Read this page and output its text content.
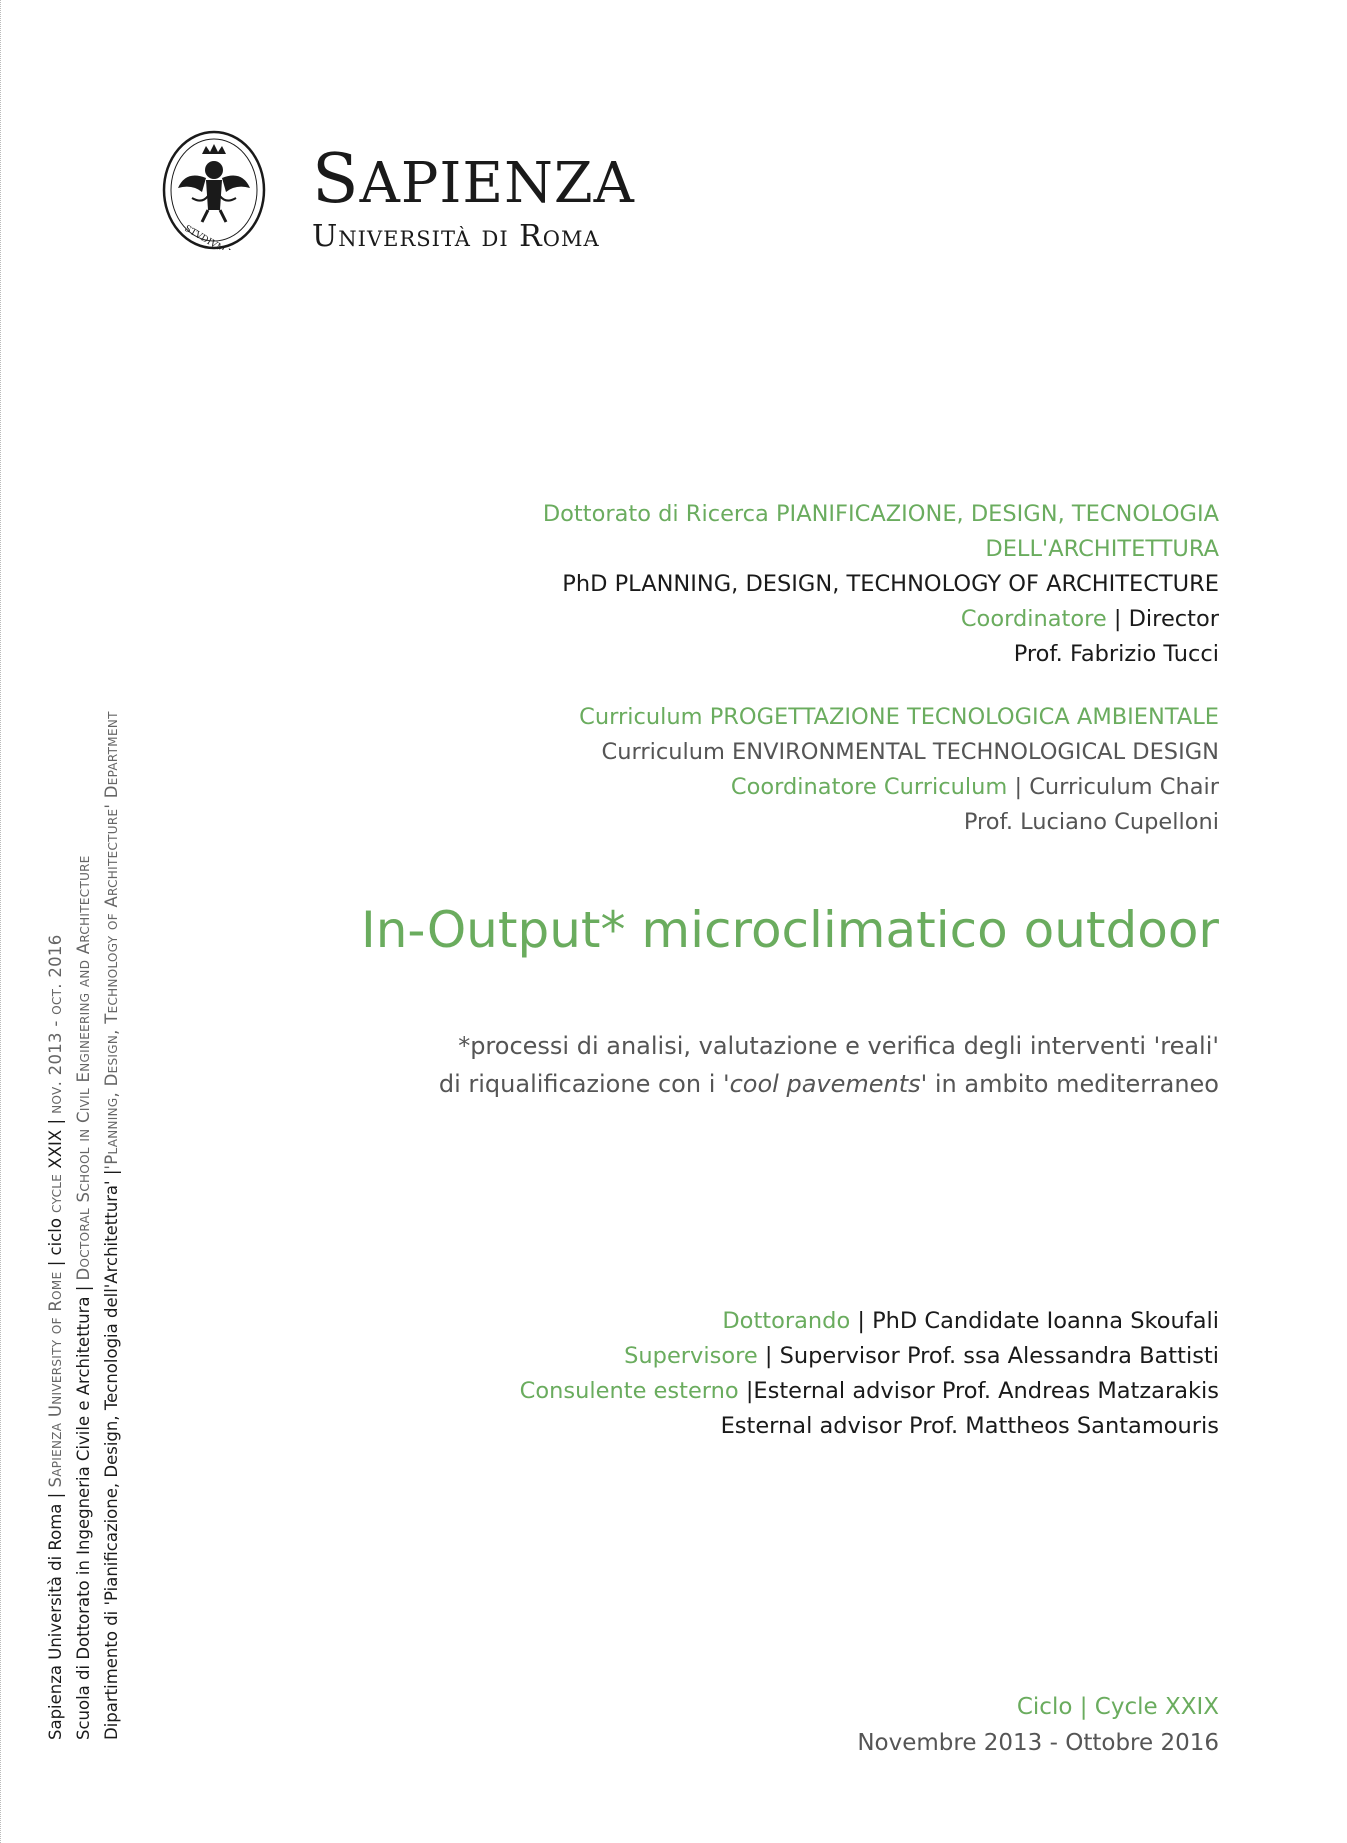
STVDIVM VRBIS
SAPIENZA
Università di Roma
Dottorato di Ricerca PIANIFICAZIONE, DESIGN, TECNOLOGIA
DELL'ARCHITETTURA
PhD PLANNING, DESIGN, TECHNOLOGY OF ARCHITECTURE
Coordinatore | Director
Prof. Fabrizio Tucci
Curriculum PROGETTAZIONE TECNOLOGICA AMBIENTALE
Curriculum ENVIRONMENTAL TECHNOLOGICAL DESIGN
Coordinatore Curriculum | Curriculum Chair
Prof. Luciano Cupelloni
In-Output* microclimatico outdoor
*processi di analisi, valutazione e verifica degli interventi 'reali'
di riqualificazione con i 'cool pavements' in ambito mediterraneo
Dottorando | PhD Candidate Ioanna Skoufali
Supervisore | Supervisor Prof. ssa Alessandra Battisti
Consulente esterno |Esternal advisor Prof. Andreas Matzarakis
Esternal advisor Prof. Mattheos Santamouris
Ciclo | Cycle XXIX
Novembre 2013 - Ottobre 2016
Sapienza Università di Roma | Sapienza University of Rome | ciclo cycle XXIX | nov. 2013 - oct. 2016
Scuola di Dottorato in Ingegneria Civile e Architettura | Doctoral School in Civil Engineering and Architecture
Dipartimento di 'Pianificazione, Design, Tecnologia dell'Architettura' |'Planning, Design, Technology of Architecture' Department
